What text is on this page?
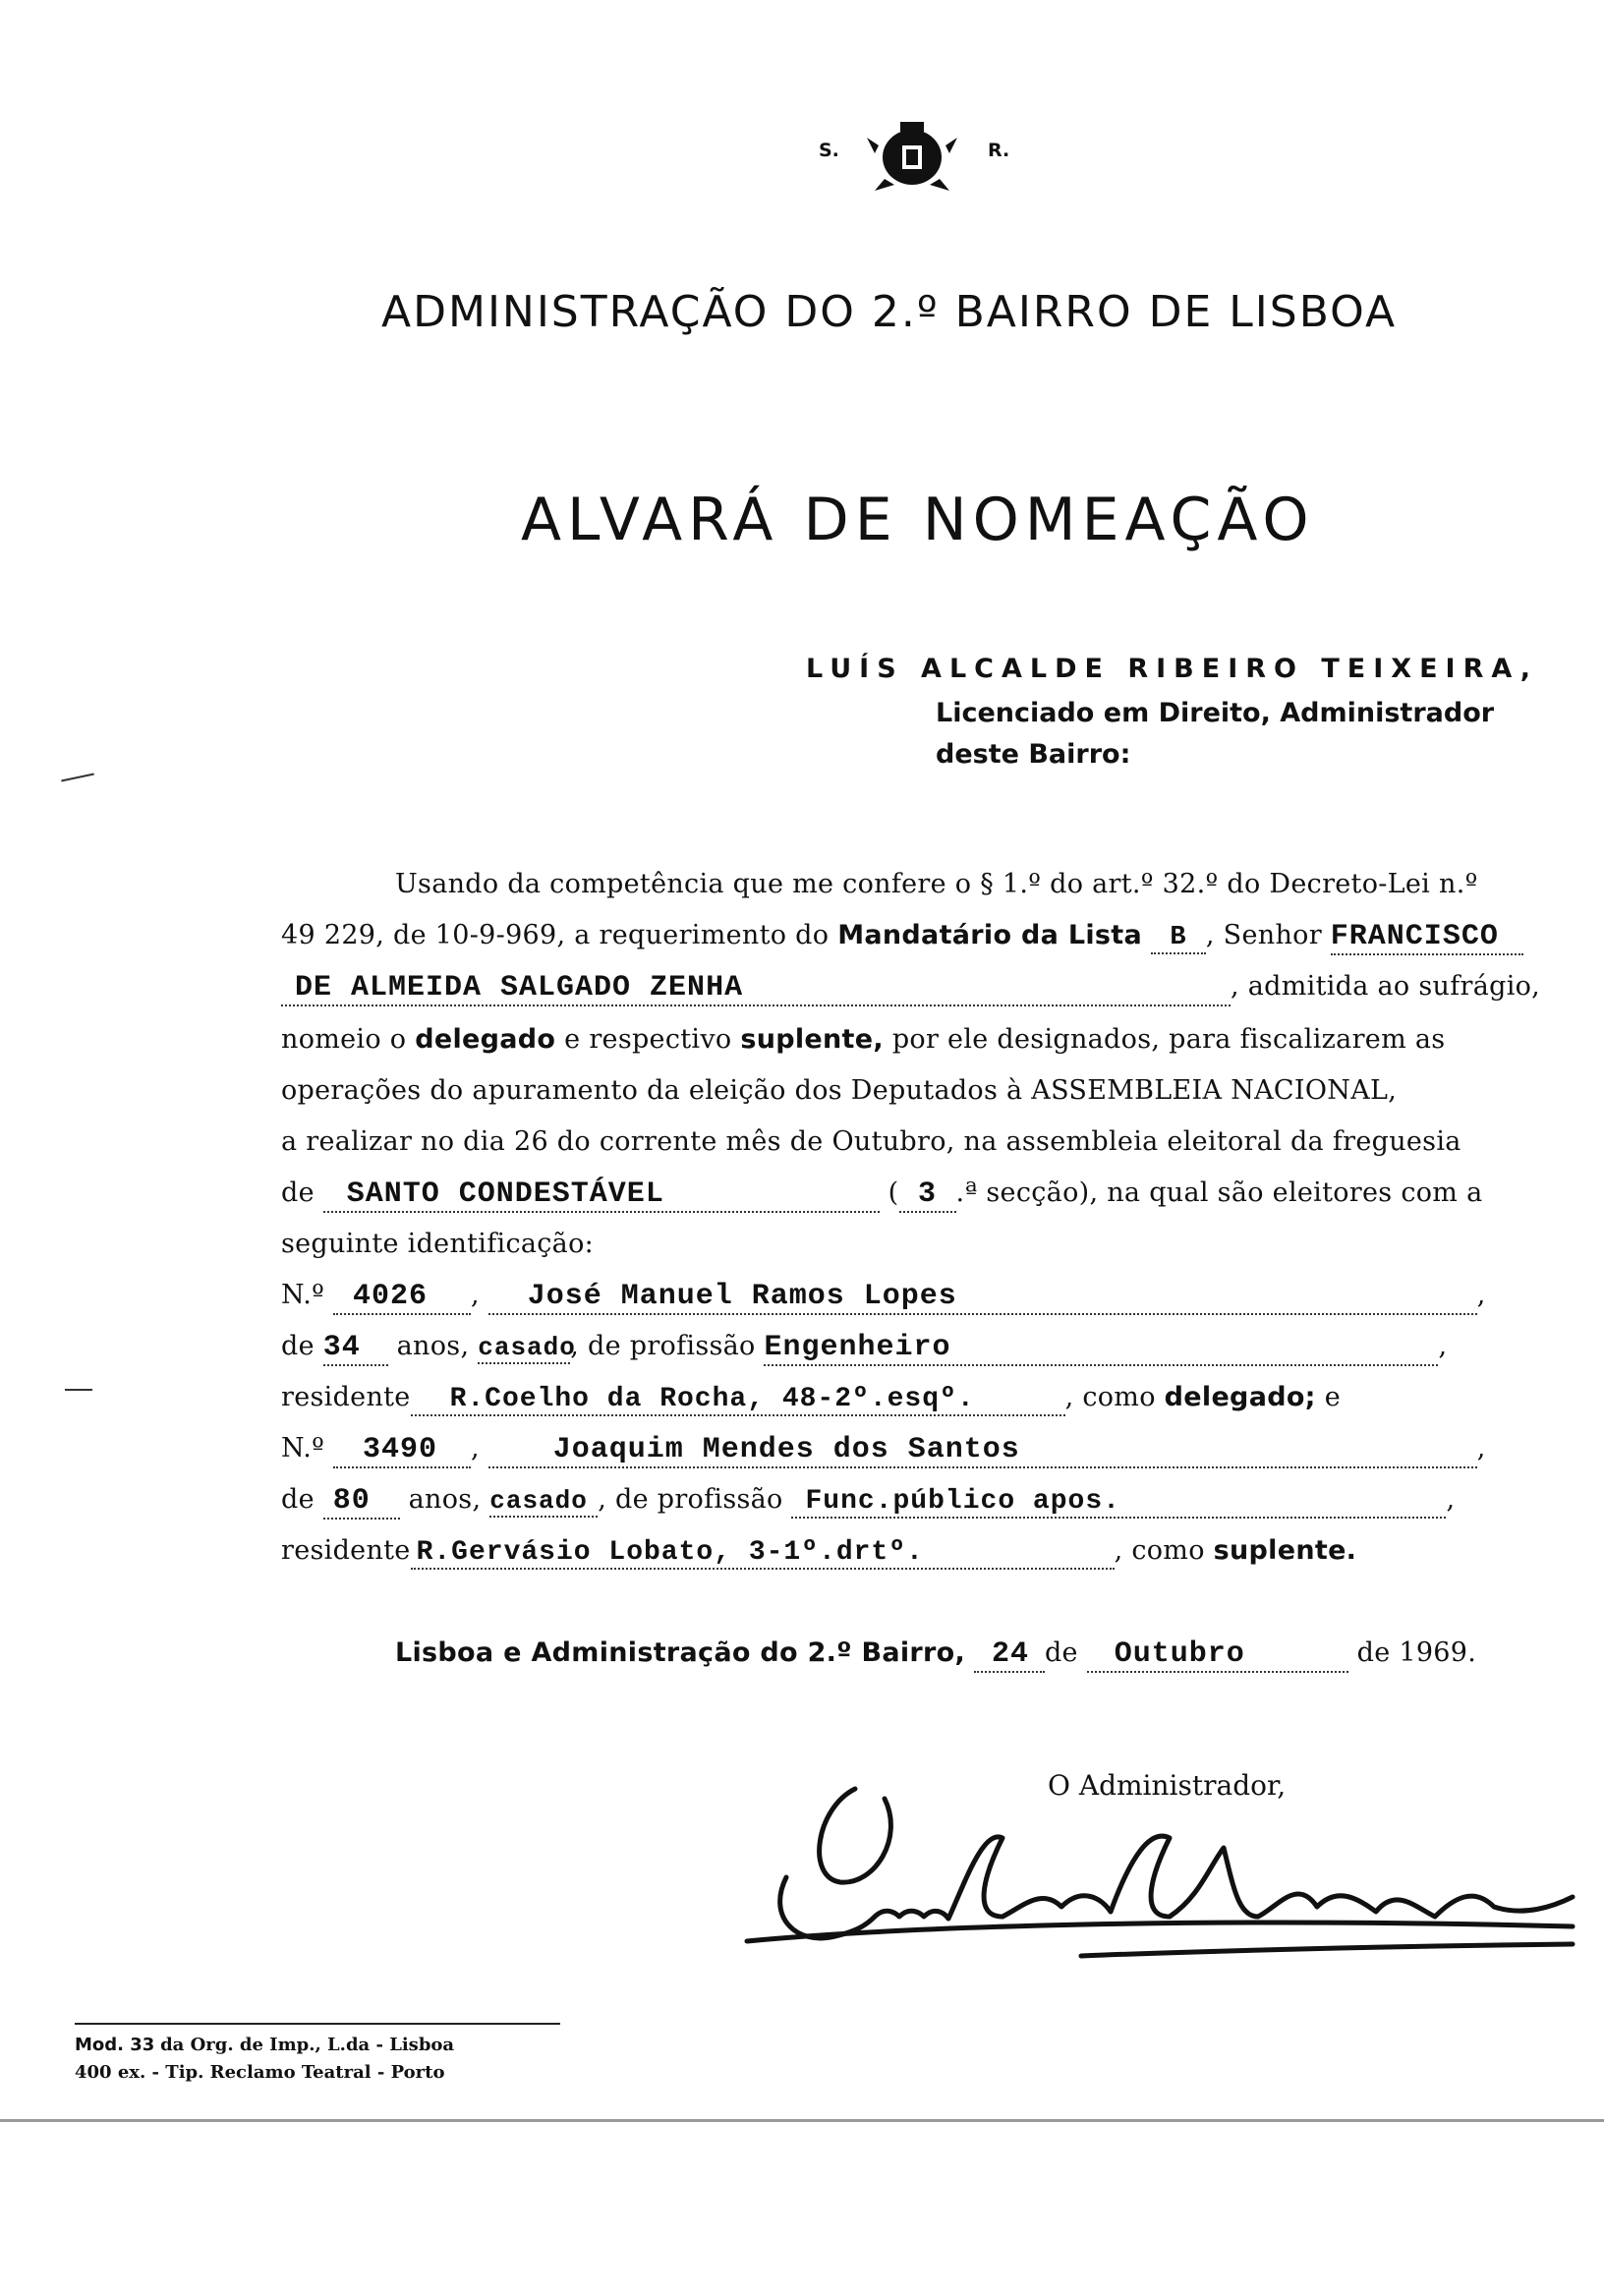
S.	R.
ADMINISTRAÇÃO DO 2.º BAIRRO DE LISBOA
ALVARÁ DE NOMEAÇÃO
LUÍS ALCALDE RIBEIRO TEIXEIRA,
Licenciado em Direito, Administrador
deste Bairro:
Usando da competência que me confere o § 1.º do art.º 32.º do Decreto-Lei n.º
49 229, de 10-9-969, a requerimento do Mandatário da Lista B , Senhor FRANCISCO
DE ALMEIDA SALGADO ZENHA	, admitida ao sufrágio,
nomeio o delegado e respectivo suplente, por ele designados, para fiscalizarem as
operações do apuramento da eleição dos Deputados à ASSEMBLEIA NACIONAL,
a realizar no dia 26 do corrente mês de Outubro, na assembleia eleitoral da freguesia
de SANTO CONDESTÁVEL	( 3 .ª secção), na qual são eleitores com a
seguinte identificação:
N.º 4026 , José Manuel Ramos Lopes	,
de 34 anos, casado, de profissão Engenheiro	,
residente R.Coelho da Rocha, 48-2º.esqº.	, como delegado; e
N.º 3490 , Joaquim Mendes dos Santos	,
de 80 anos, casado , de profissão Func.público apos.	,
residente R.Gervásio Lobato, 3-1º.drtº.	, como suplente.
Lisboa e Administração do 2.º Bairro, 24 de Outubro	de 1969.
O Administrador,
Mod. 33 da Org. de Imp., L.da - Lisboa
400 ex. - Tip. Reclamo Teatral - Porto
